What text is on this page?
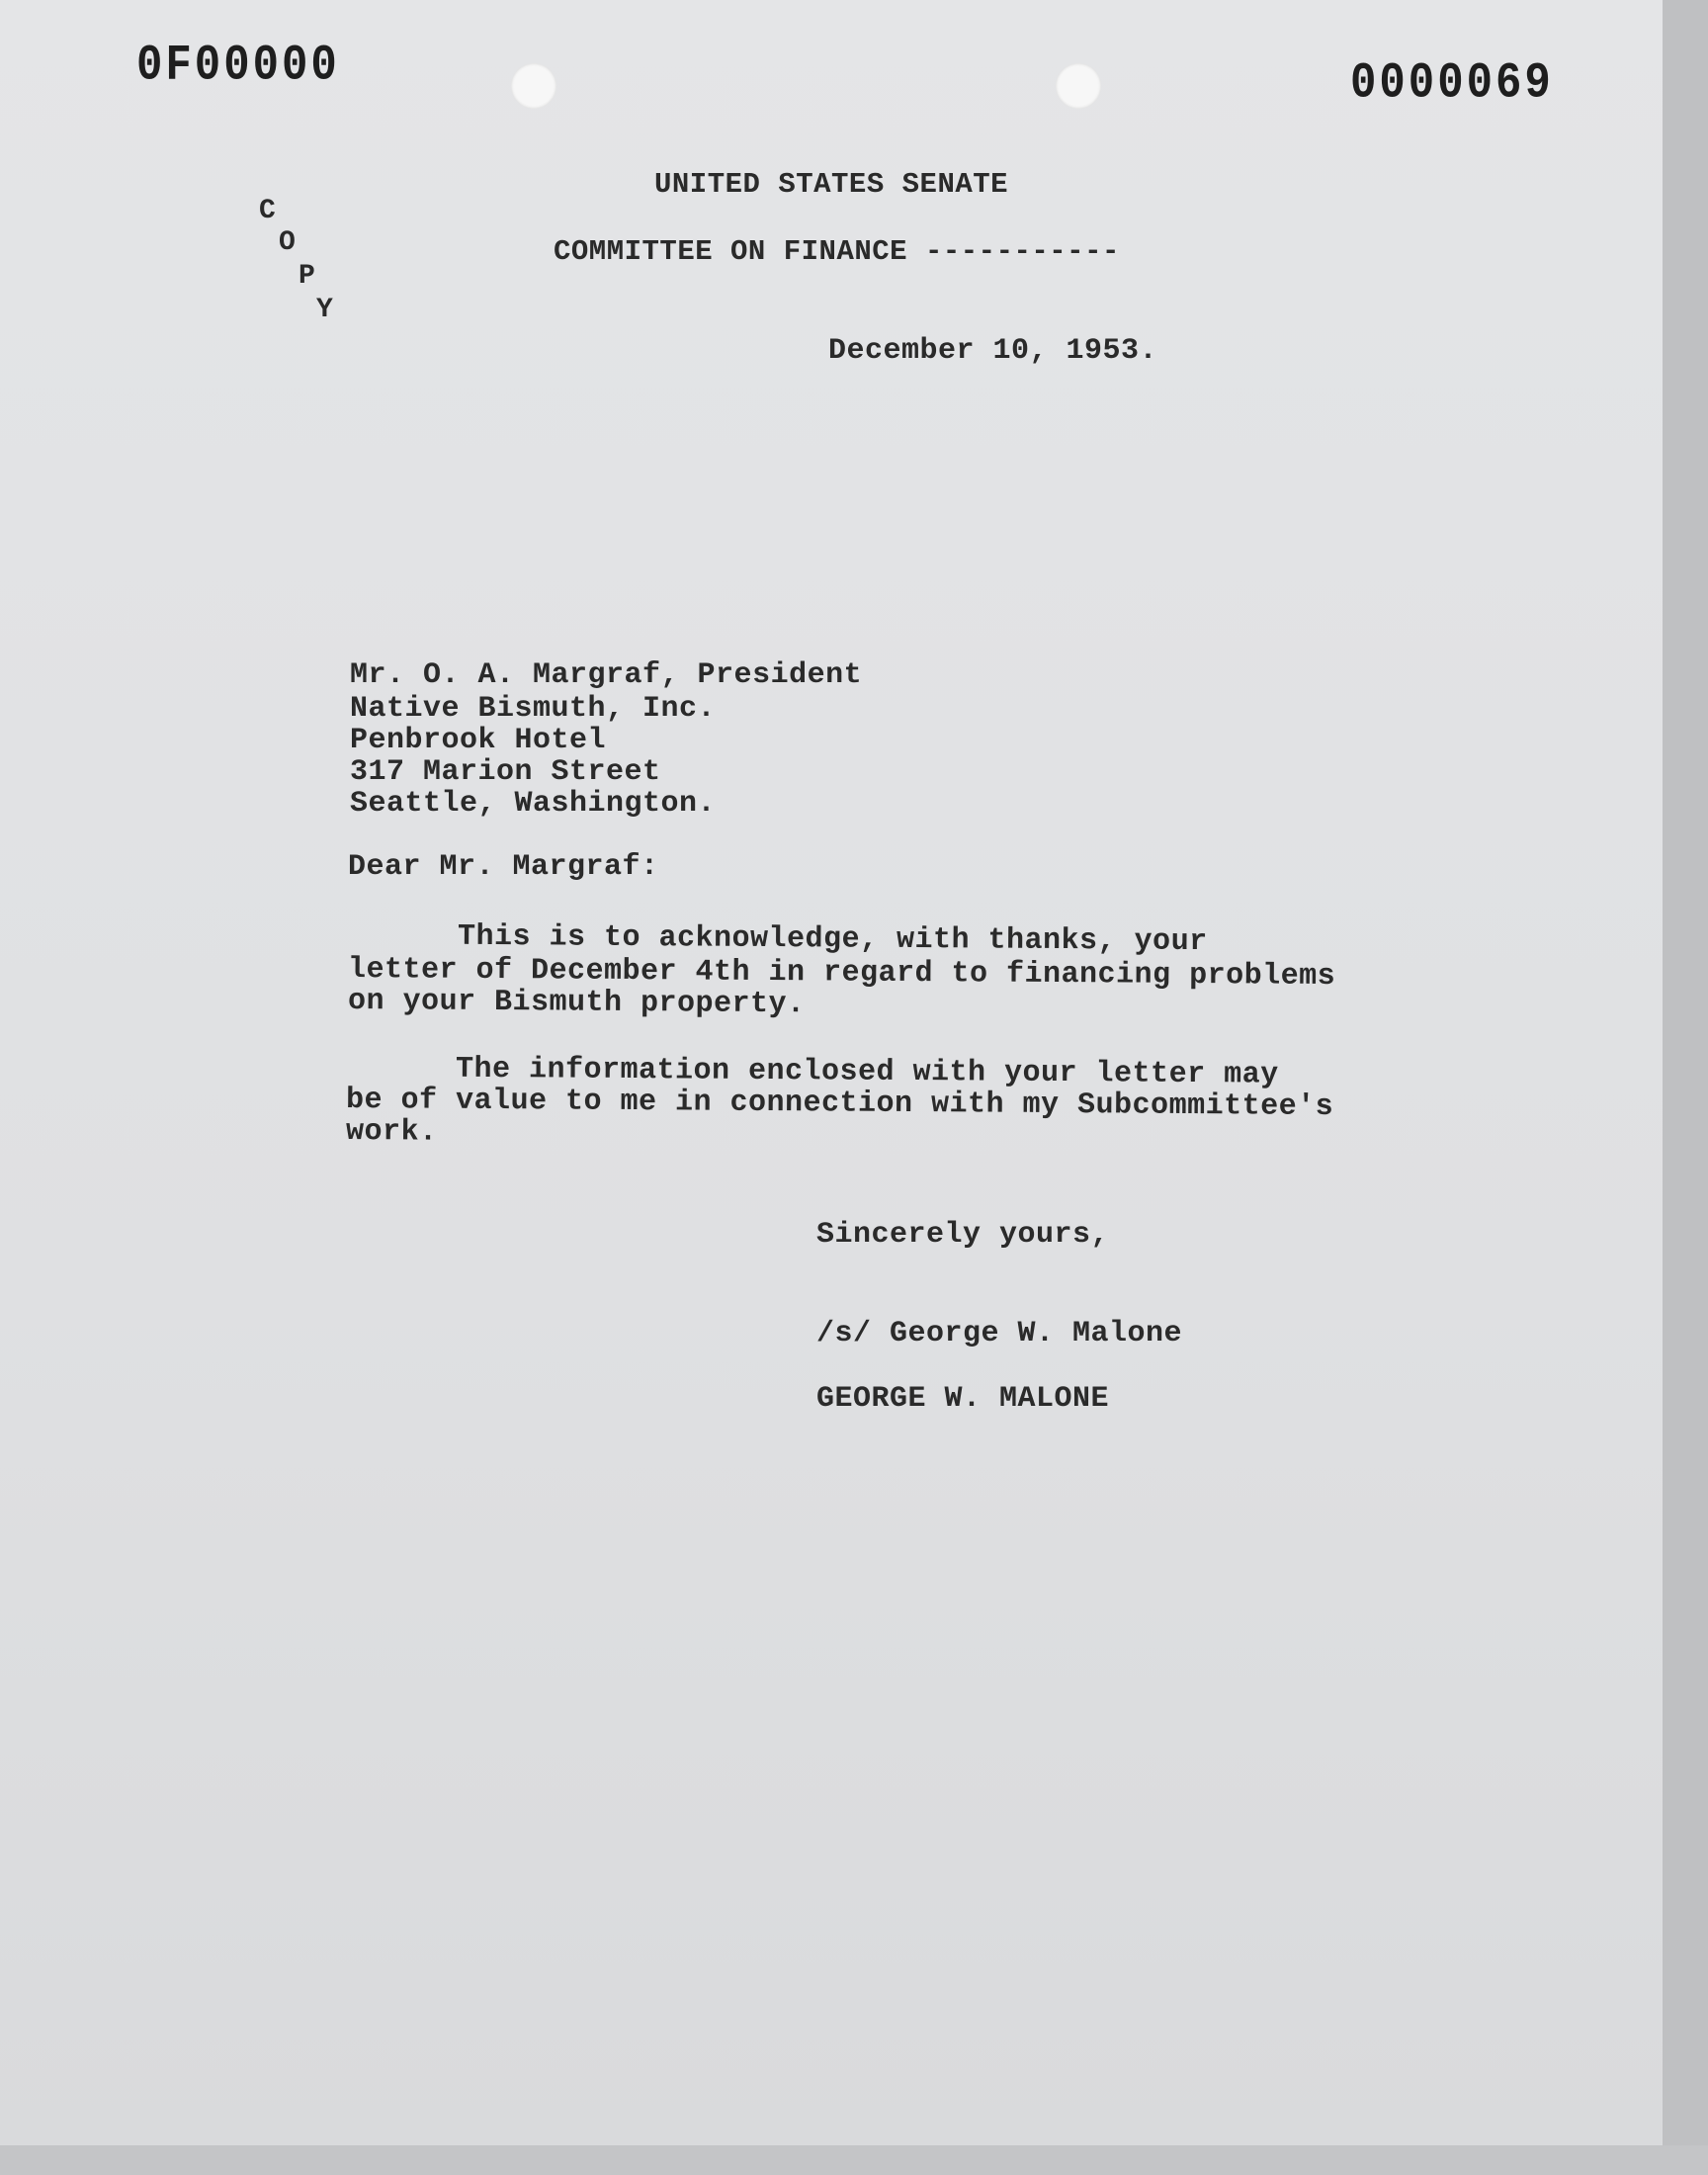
0F00000	0000069
C
O
P
Y
UNITED STATES SENATE
COMMITTEE ON FINANCE -----------
December 10, 1953.
Mr. O. A. Margraf, President
Native Bismuth, Inc.
Penbrook Hotel
317 Marion Street
Seattle, Washington.
Dear Mr. Margraf:
This is to acknowledge, with thanks, your
letter of December 4th in regard to financing problems
on your Bismuth property.
The information enclosed with your letter may
be of value to me in connection with my Subcommittee's
work.
Sincerely yours,
/s/ George W. Malone
GEORGE W. MALONE
